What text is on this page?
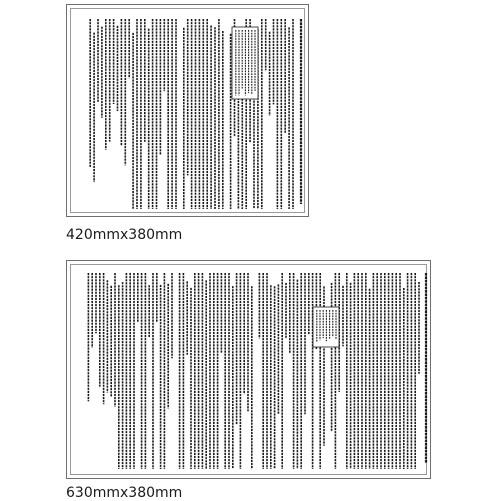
420mmx380mm
630mmx380mm
